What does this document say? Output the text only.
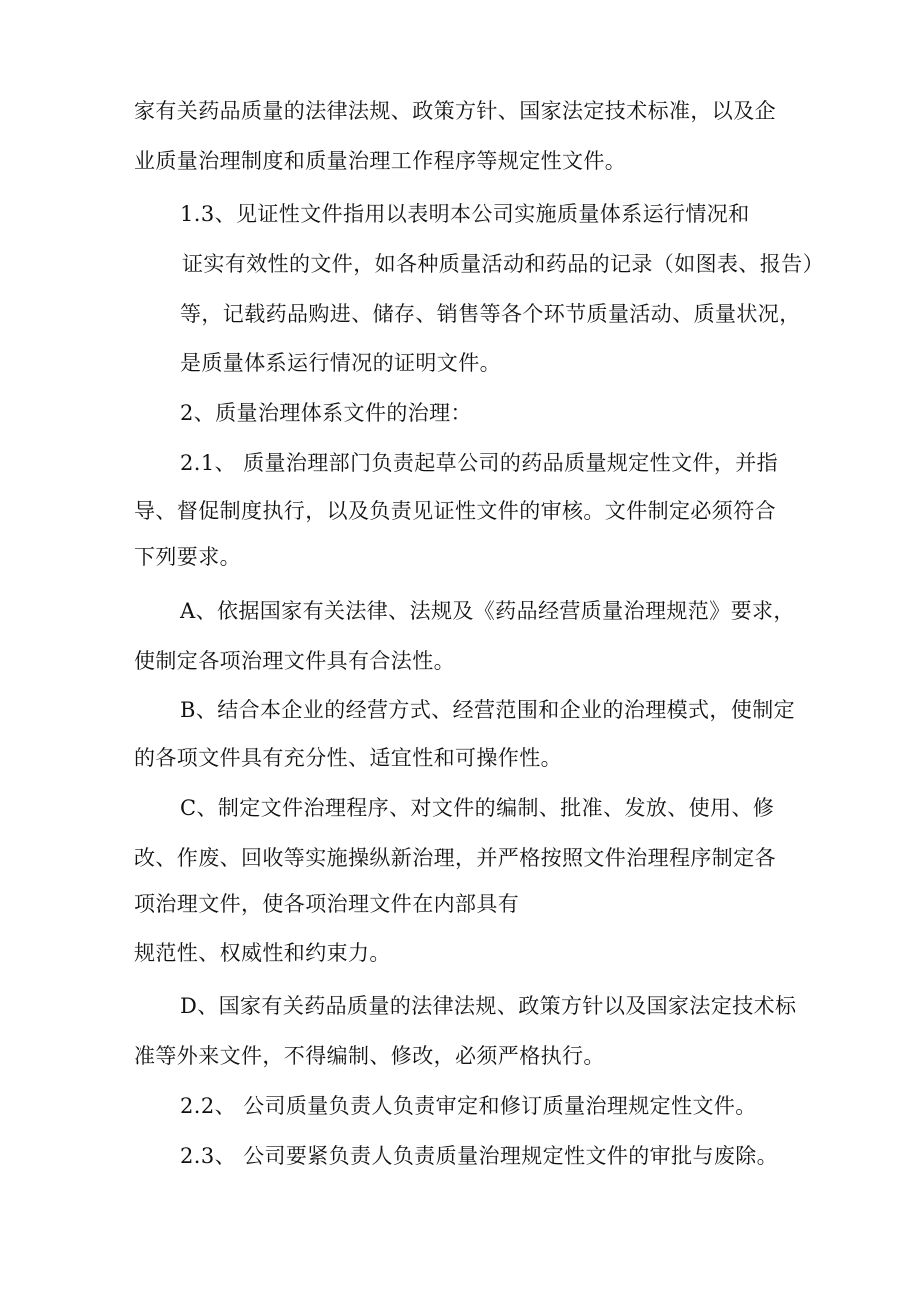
家有关药品质量的法律法规、政策方针、国家法定技术标准，以及企
业质量治理制度和质量治理工作程序等规定性文件。
1.3、见证性文件指用以表明本公司实施质量体系运行情况和
证实有效性的文件，如各种质量活动和药品的记录（如图表、报告）
等，记载药品购进、储存、销售等各个环节质量活动、质量状况，
是质量体系运行情况的证明文件。
2、质量治理体系文件的治理：
2.1、 质量治理部门负责起草公司的药品质量规定性文件，并指
导、督促制度执行，以及负责见证性文件的审核。文件制定必须符合
下列要求。
A、依据国家有关法律、法规及《药品经营质量治理规范》要求，
使制定各项治理文件具有合法性。
B、结合本企业的经营方式、经营范围和企业的治理模式，使制定
的各项文件具有充分性、适宜性和可操作性。
C、制定文件治理程序、对文件的编制、批准、发放、使用、修
改、作废、回收等实施操纵新治理，并严格按照文件治理程序制定各
项治理文件，使各项治理文件在内部具有
规范性、权威性和约束力。
D、国家有关药品质量的法律法规、政策方针以及国家法定技术标
准等外来文件，不得编制、修改，必须严格执行。
2.2、 公司质量负责人负责审定和修订质量治理规定性文件。
2.3、 公司要紧负责人负责质量治理规定性文件的审批与废除。
